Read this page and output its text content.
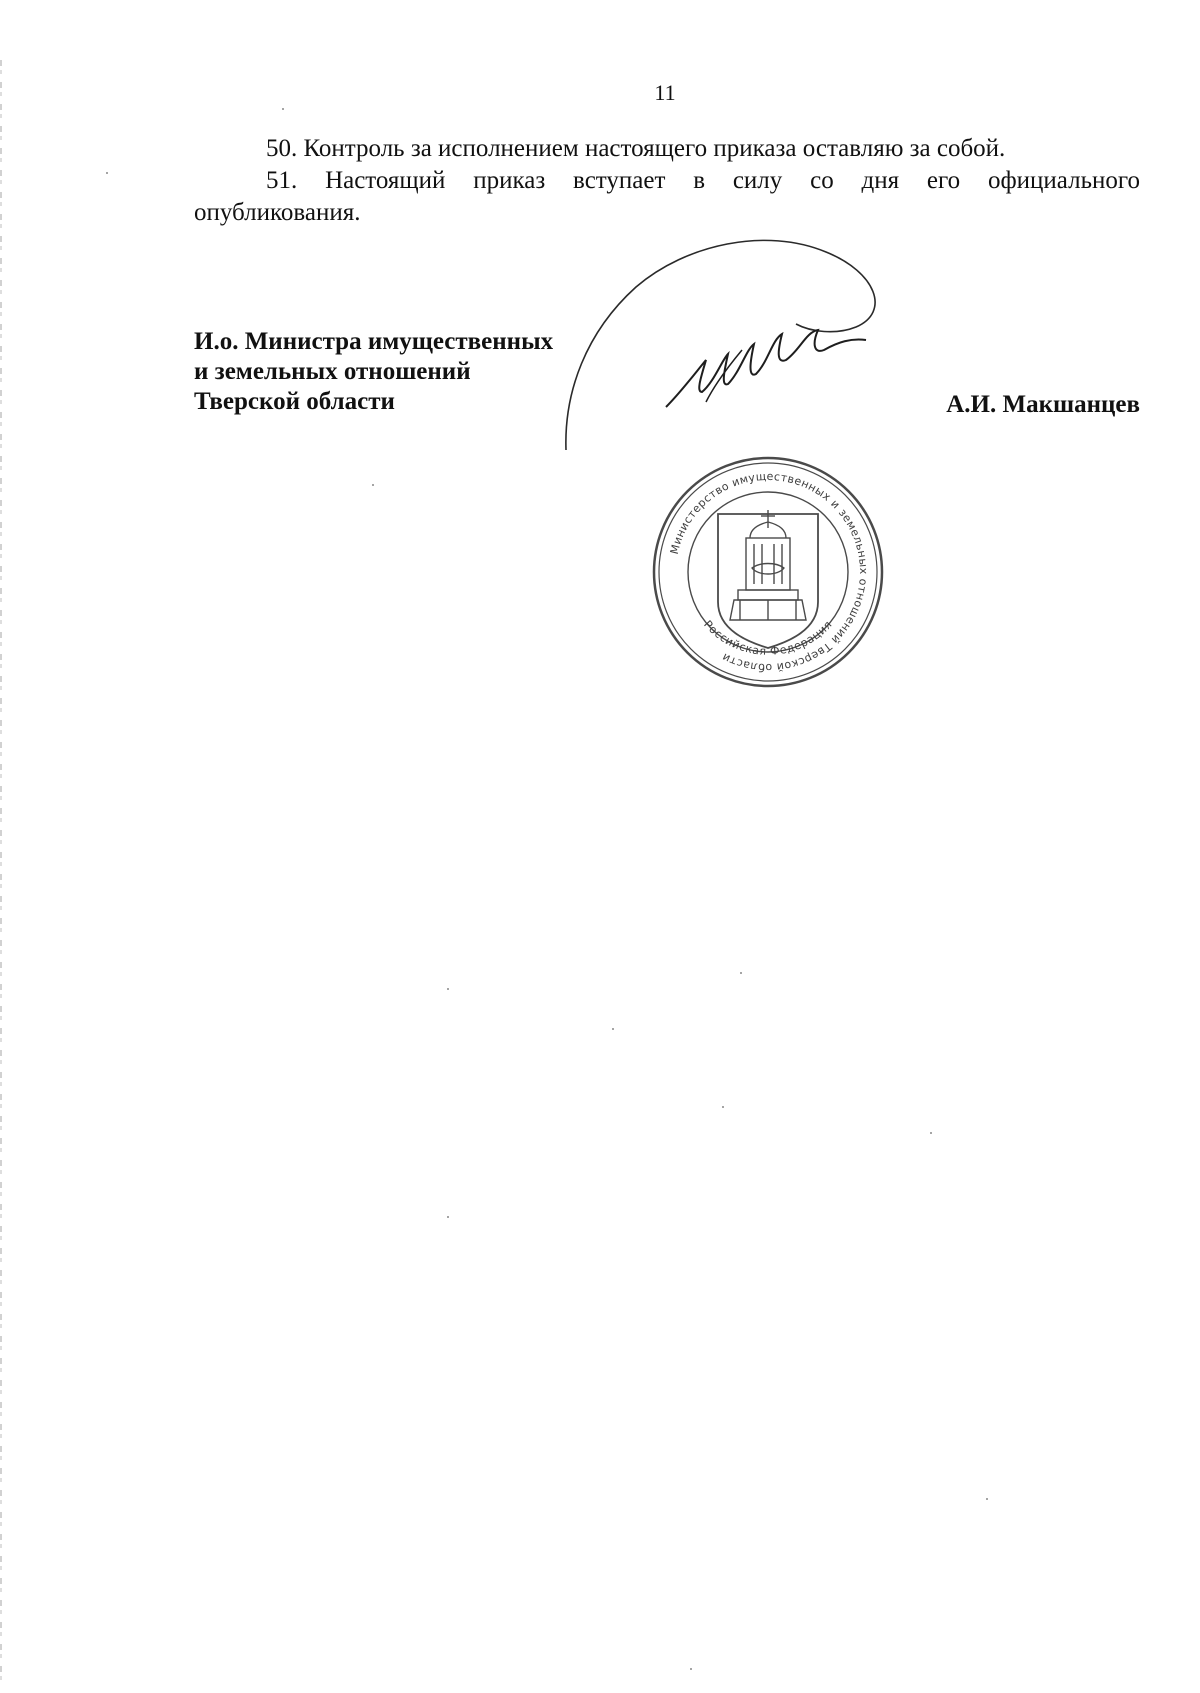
11
50. Контроль за исполнением настоящего приказа оставляю за собой.
51. Настоящий приказ вступает в силу со дня его официального
опубликования.
И.о. Министра имущественных
и земельных отношений
Тверской области	А.И. Макшанцев
Министерство имущественных и земельных отношений Тверской области
Российская Федерация
